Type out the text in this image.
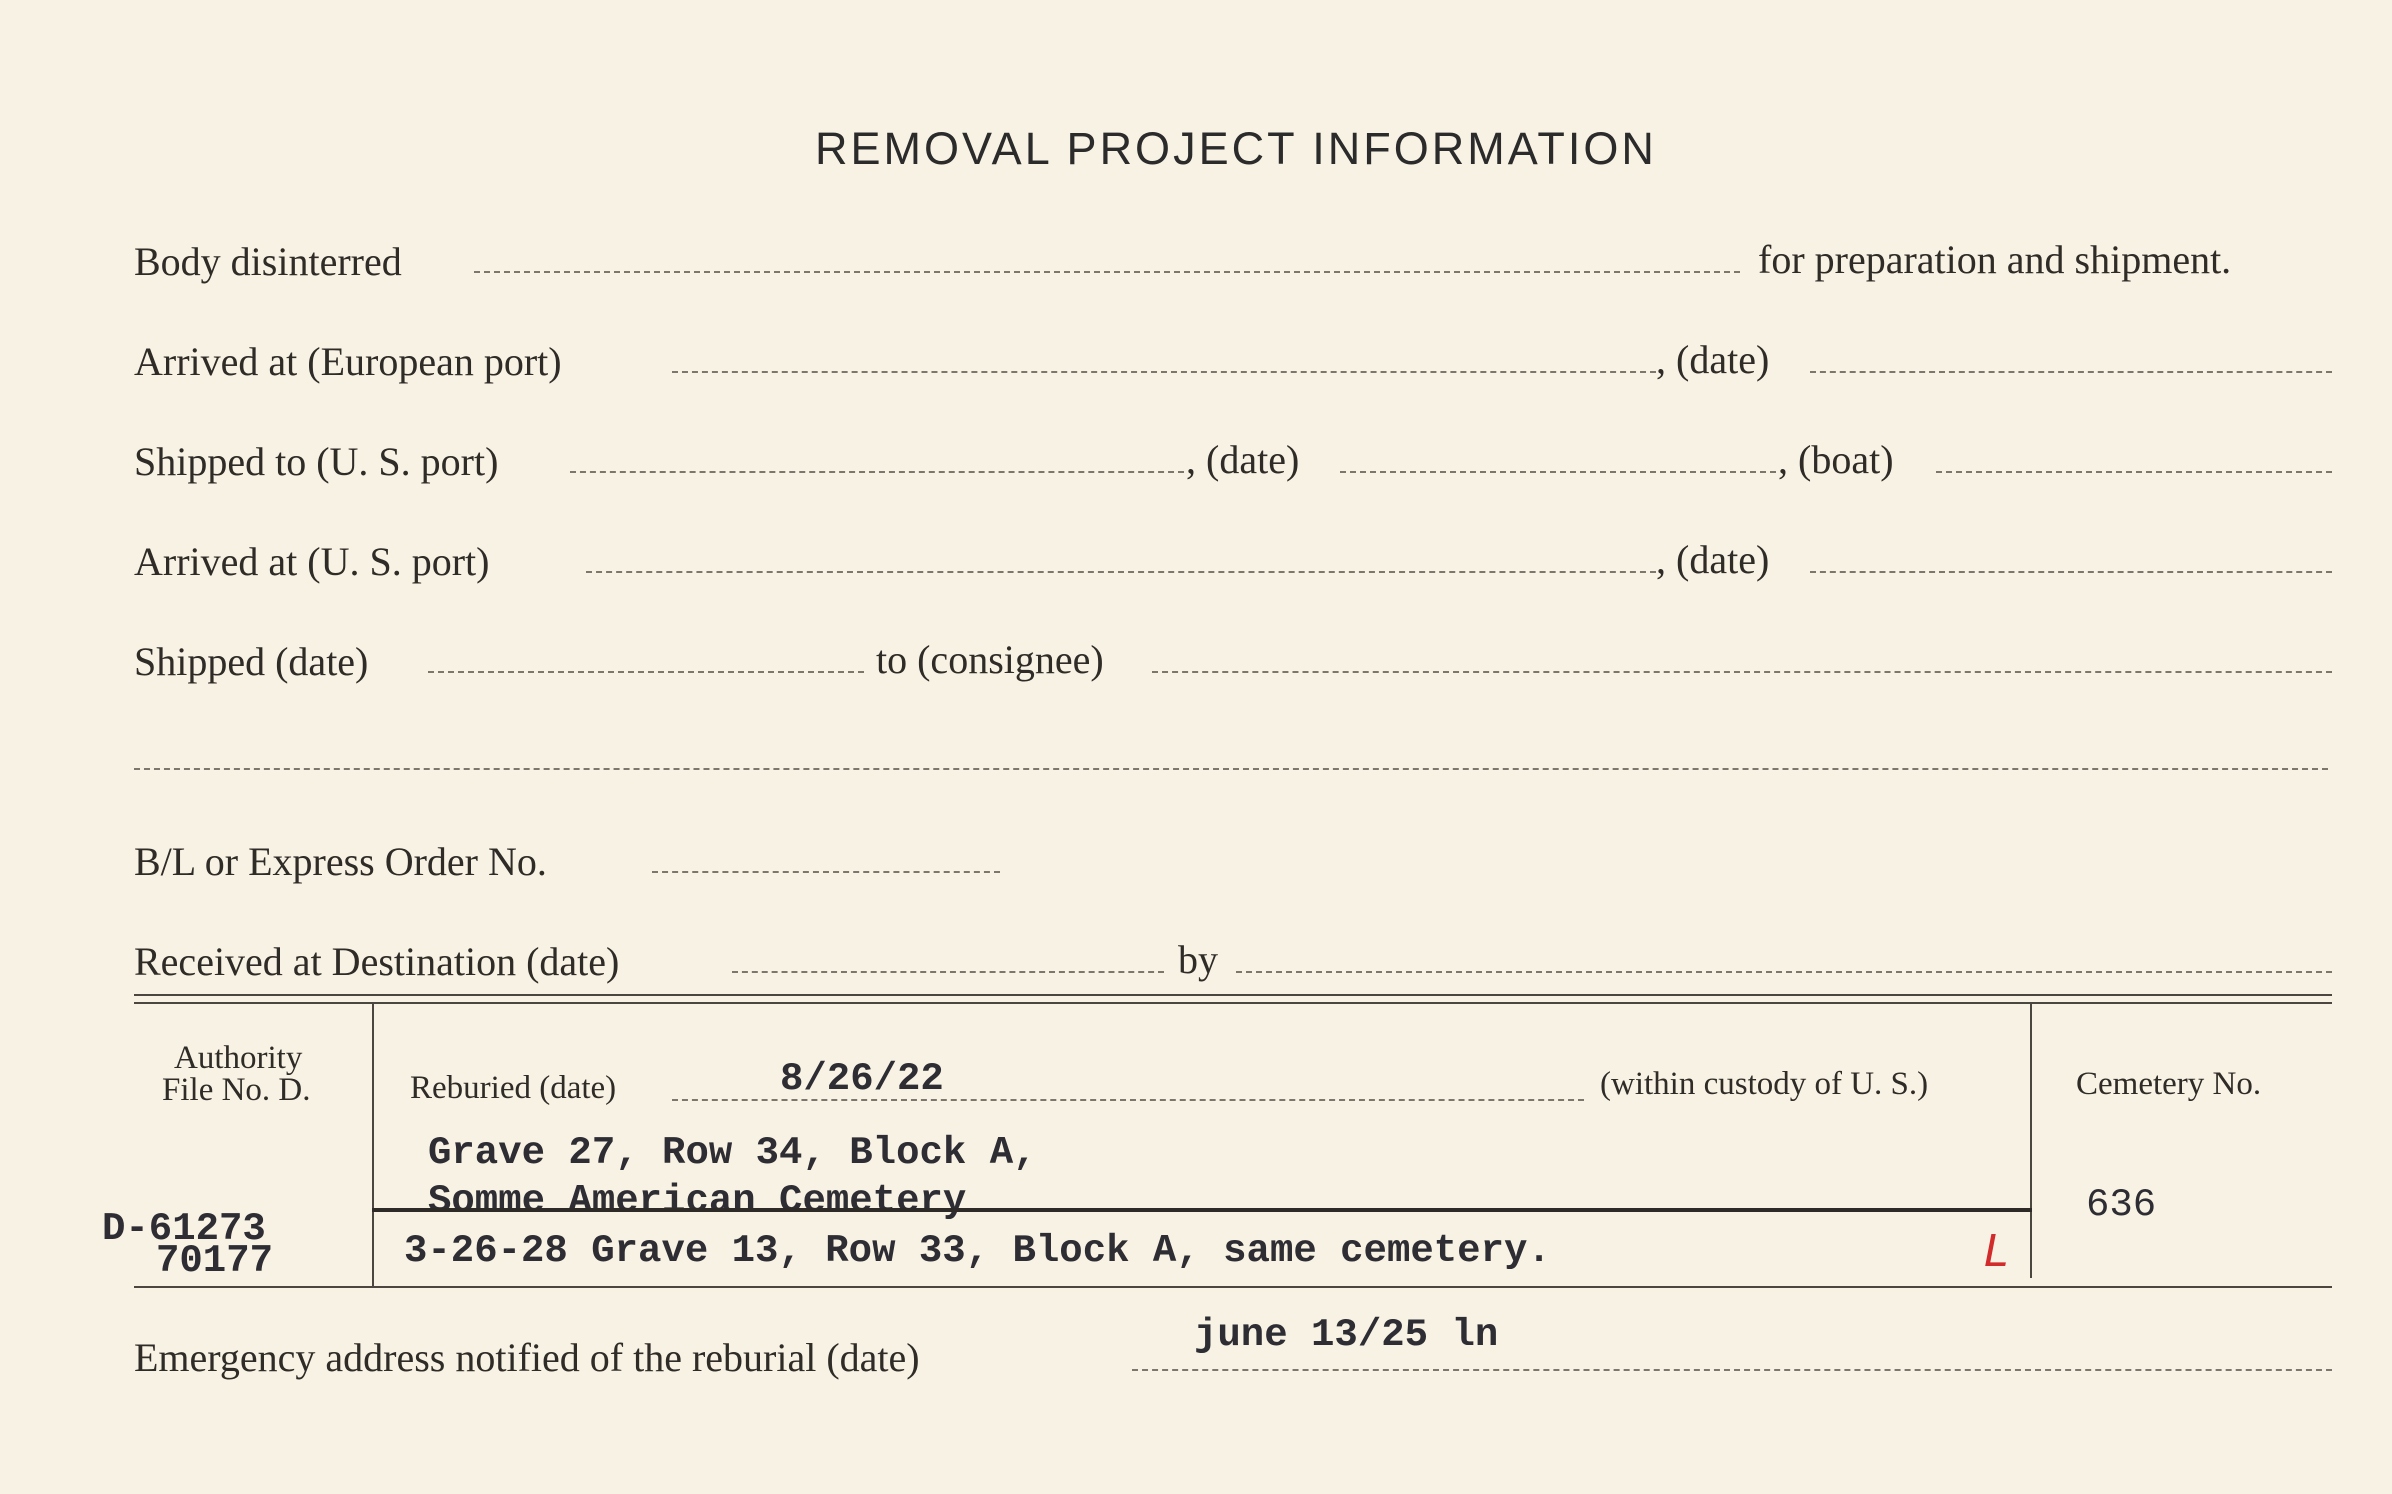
REMOVAL PROJECT INFORMATION
Body disinterred	for preparation and shipment.
Arrived at (European port)	, (date)
Shipped to (U. S. port)	, (date)	, (boat)
Arrived at (U. S. port)	, (date)
Shipped (date)	to (consignee)
B/L or Express Order No.
Received at Destination (date)	by
Authority
File No. D.
D-61273
70177
Reburied (date)	8/26/22	(within custody of U. S.)
Grave 27, Row 34, Block A,
Somme American Cemetery
3-26-28 Grave 13, Row 33, Block A, same cemetery.	L
Cemetery No.
636
Emergency address notified of the reburial (date)	june 13/25 ln
